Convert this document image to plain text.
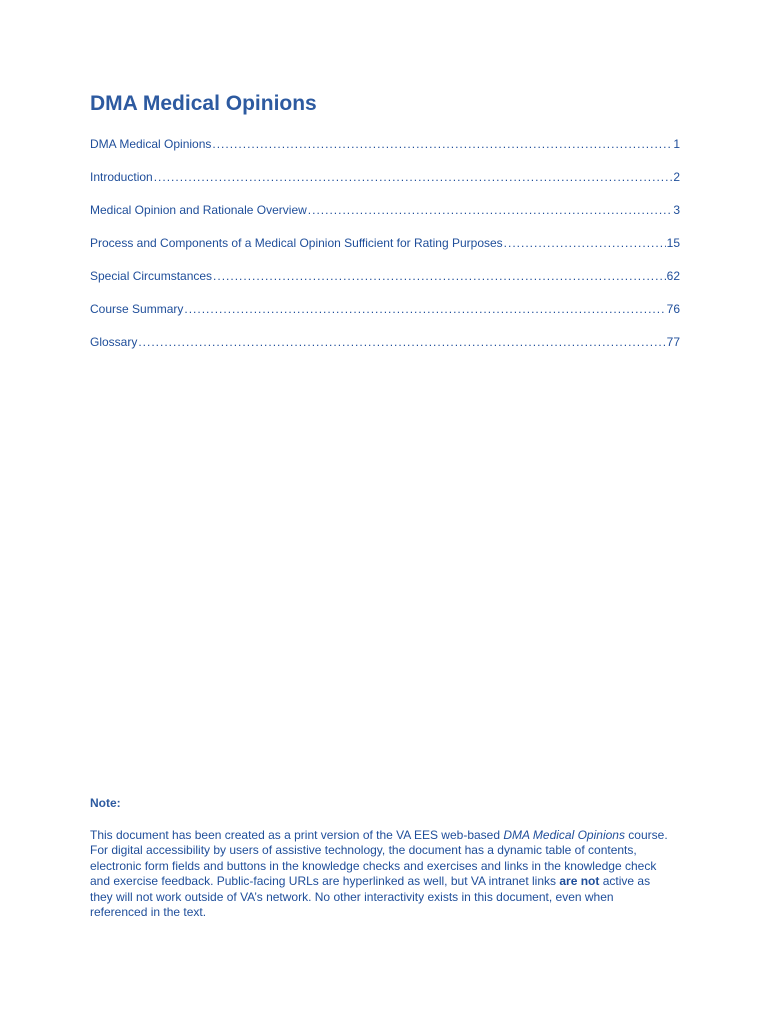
DMA Medical Opinions
DMA Medical Opinions .....	1
Introduction .....	2
Medical Opinion and Rationale Overview .....	3
Process and Components of a Medical Opinion Sufficient for Rating Purposes .....	15
Special Circumstances .....	62
Course Summary .....	76
Glossary .....	77
Note:

This document has been created as a print version of the VA EES web-based DMA Medical Opinions course. For digital accessibility by users of assistive technology, the document has a dynamic table of contents, electronic form fields and buttons in the knowledge checks and exercises and links in the knowledge check and exercise feedback. Public-facing URLs are hyperlinked as well, but VA intranet links are not active as they will not work outside of VA’s network. No other interactivity exists in this document, even when referenced in the text.
